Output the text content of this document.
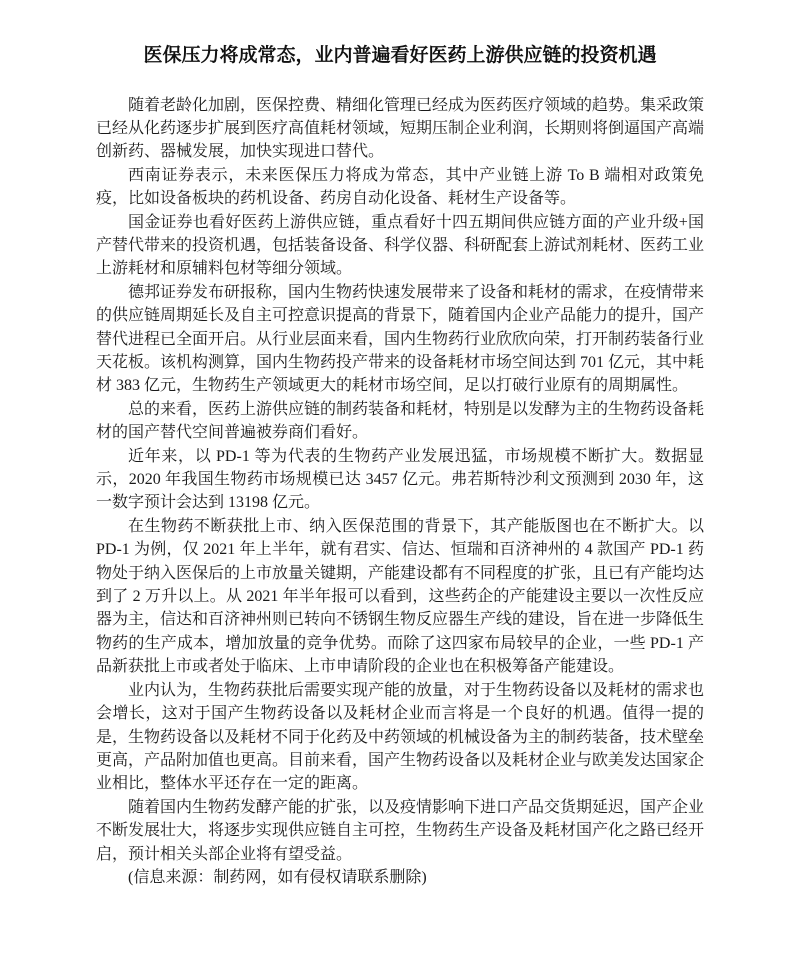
医保压力将成常态，业内普遍看好医药上游供应链的投资机遇

随着老龄化加剧，医保控费、精细化管理已经成为医药医疗领域的趋势。集采政策已经从化药逐步扩展到医疗高值耗材领域，短期压制企业利润，长期则将倒逼国产高端创新药、器械发展，加快实现进口替代。

西南证券表示，未来医保压力将成为常态，其中产业链上游 To B 端相对政策免疫，比如设备板块的药机设备、药房自动化设备、耗材生产设备等。

国金证券也看好医药上游供应链，重点看好十四五期间供应链方面的产业升级+国产替代带来的投资机遇，包括装备设备、科学仪器、科研配套上游试剂耗材、医药工业上游耗材和原辅料包材等细分领域。

德邦证券发布研报称，国内生物药快速发展带来了设备和耗材的需求，在疫情带来的供应链周期延长及自主可控意识提高的背景下，随着国内企业产品能力的提升，国产替代进程已全面开启。从行业层面来看，国内生物药行业欣欣向荣，打开制药装备行业天花板。该机构测算，国内生物药投产带来的设备耗材市场空间达到 701 亿元，其中耗材 383 亿元，生物药生产领域更大的耗材市场空间，足以打破行业原有的周期属性。

总的来看，医药上游供应链的制药装备和耗材，特别是以发酵为主的生物药设备耗材的国产替代空间普遍被券商们看好。

近年来，以 PD-1 等为代表的生物药产业发展迅猛，市场规模不断扩大。数据显示，2020 年我国生物药市场规模已达 3457 亿元。弗若斯特沙利文预测到 2030 年，这一数字预计会达到 13198 亿元。

在生物药不断获批上市、纳入医保范围的背景下，其产能版图也在不断扩大。以 PD-1 为例，仅 2021 年上半年，就有君实、信达、恒瑞和百济神州的 4 款国产 PD-1 药物处于纳入医保后的上市放量关键期，产能建设都有不同程度的扩张，且已有产能均达到了 2 万升以上。从 2021 年半年报可以看到，这些药企的产能建设主要以一次性反应器为主，信达和百济神州则已转向不锈钢生物反应器生产线的建设，旨在进一步降低生物药的生产成本，增加放量的竞争优势。而除了这四家布局较早的企业，一些 PD-1 产品新获批上市或者处于临床、上市申请阶段的企业也在积极筹备产能建设。

业内认为，生物药获批后需要实现产能的放量，对于生物药设备以及耗材的需求也会增长，这对于国产生物药设备以及耗材企业而言将是一个良好的机遇。值得一提的是，生物药设备以及耗材不同于化药及中药领域的机械设备为主的制药装备，技术壁垒更高，产品附加值也更高。目前来看，国产生物药设备以及耗材企业与欧美发达国家企业相比，整体水平还存在一定的距离。

随着国内生物药发酵产能的扩张，以及疫情影响下进口产品交货期延迟，国产企业不断发展壮大，将逐步实现供应链自主可控，生物药生产设备及耗材国产化之路已经开启，预计相关头部企业将有望受益。

(信息来源：制药网，如有侵权请联系删除)
